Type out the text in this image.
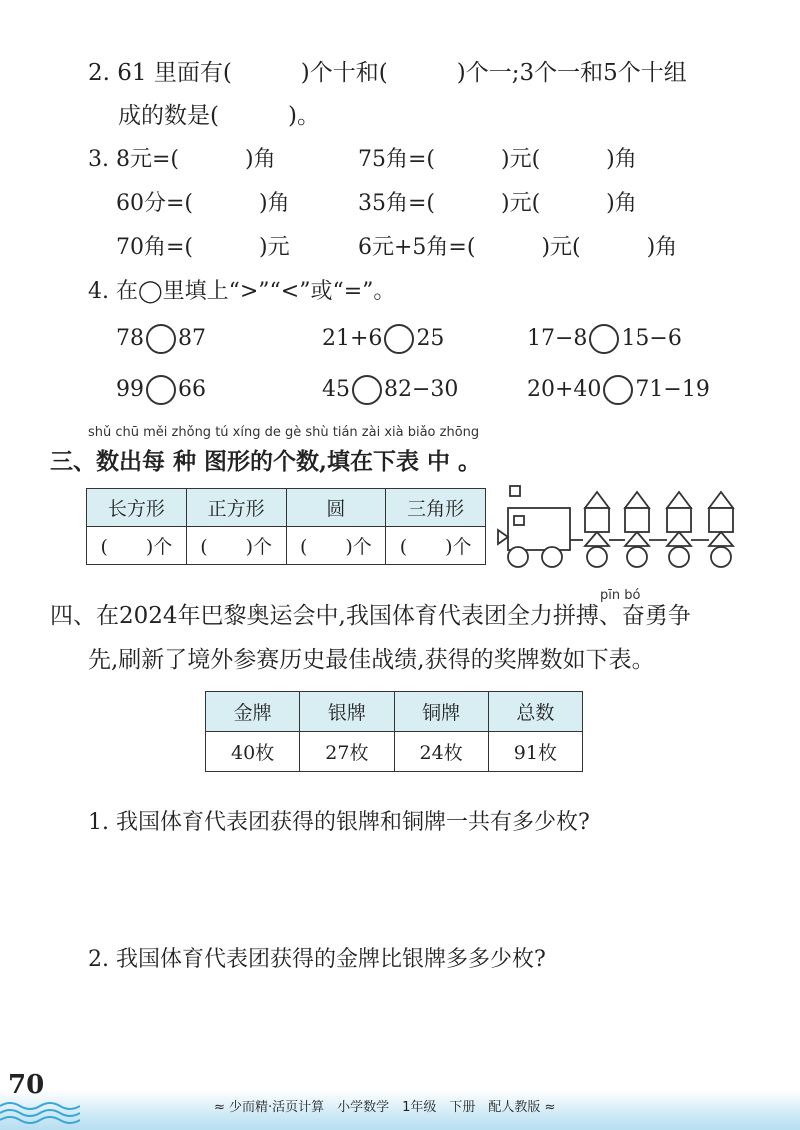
2. 61 里面有(　　　)个十和(　　　)个一;3个一和5个十组
成的数是(　　　)。
3. 8元=(　　　)角	75角=(　　　)元(　　　)角
60分=(　　　)角	35角=(　　　)元(　　　)角
70角=(　　　)元	6元+5角=(　　　)元(　　　)角
4. 在◯里填上“>”“<”或“=”。
78 87	21+6 25	17−8 15−6
99 66	45 82−30	20+40 71−19
shǔ chū měi zhǒng tú xíng de gè shù tián zài xià biǎo zhōng
三、数出每 种 图形的个数,填在下表 中 。
长方形	正方形	圆	三角形
(　　)个	(　　)个	(　　)个	(　　)个
pīn bó
四、在2024年巴黎奥运会中,我国体育代表团全力拼搏、奋勇争
先,刷新了境外参赛历史最佳战绩,获得的奖牌数如下表。
金牌	银牌	铜牌	总数
40枚	27枚	24枚	91枚
1. 我国体育代表团获得的银牌和铜牌一共有多少枚?
2. 我国体育代表团获得的金牌比银牌多多少枚?
70
≈ 少而精·活页计算　小学数学　1年级　下册　配人教版 ≈
